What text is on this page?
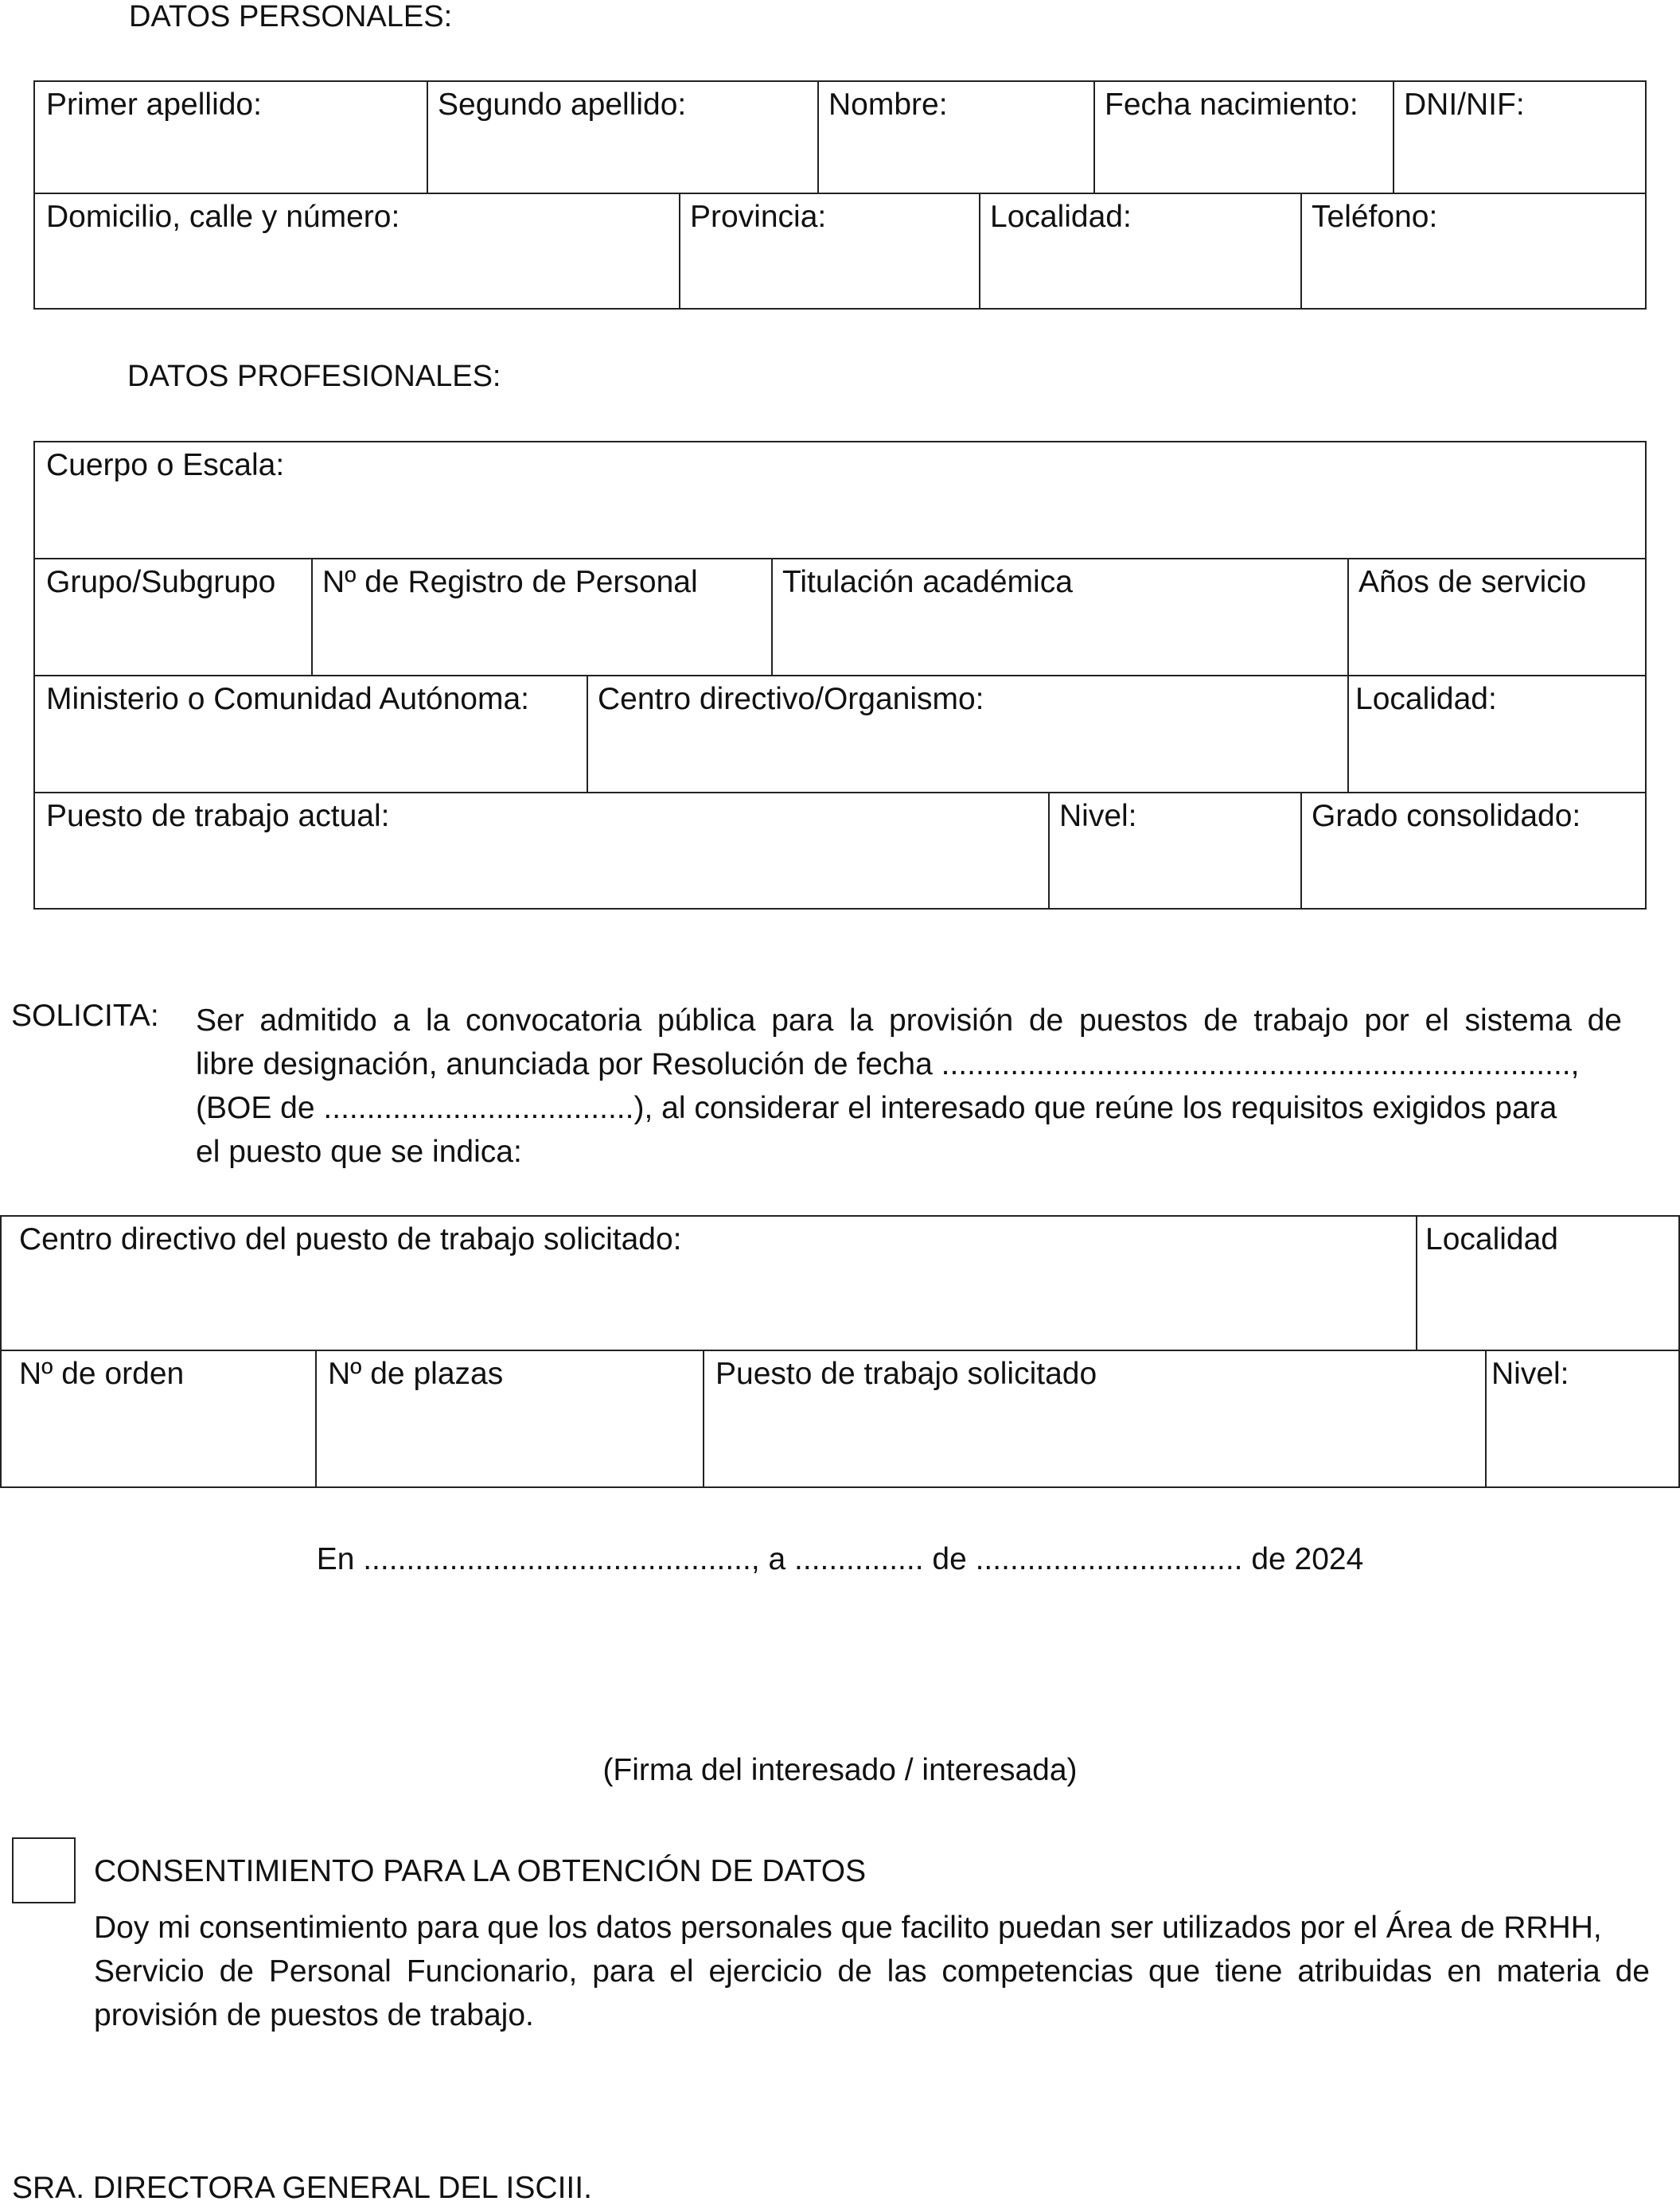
DATOS PERSONALES:
Primer apellido:	Segundo apellido:	Nombre:	Fecha nacimiento:	DNI/NIF:
Domicilio, calle y número:	Provincia:	Localidad:	Teléfono:
DATOS PROFESIONALES:
Cuerpo o Escala:
Grupo/Subgrupo	Nº de Registro de Personal	Titulación académica	Años de servicio
Ministerio o Comunidad Autónoma:	Centro directivo/Organismo:	Localidad:
Puesto de trabajo actual:	Nivel:	Grado consolidado:
SOLICITA: Ser admitido a la convocatoria pública para la provisión de puestos de trabajo por el sistema de
libre designación, anunciada por Resolución de fecha .........................................................................,
(BOE de ....................................), al considerar el interesado que reúne los requisitos exigidos para
el puesto que se indica:
Centro directivo del puesto de trabajo solicitado:	Localidad
Nº de orden	Nº de plazas	Puesto de trabajo solicitado	Nivel:
En ............................................., a ............... de ............................... de 2024
(Firma del interesado / interesada)
CONSENTIMIENTO PARA LA OBTENCIÓN DE DATOS
Doy mi consentimiento para que los datos personales que facilito puedan ser utilizados por el Área de RRHH,
Servicio de Personal Funcionario, para el ejercicio de las competencias que tiene atribuidas en materia de
provisión de puestos de trabajo.
SRA. DIRECTORA GENERAL DEL ISCIII.
